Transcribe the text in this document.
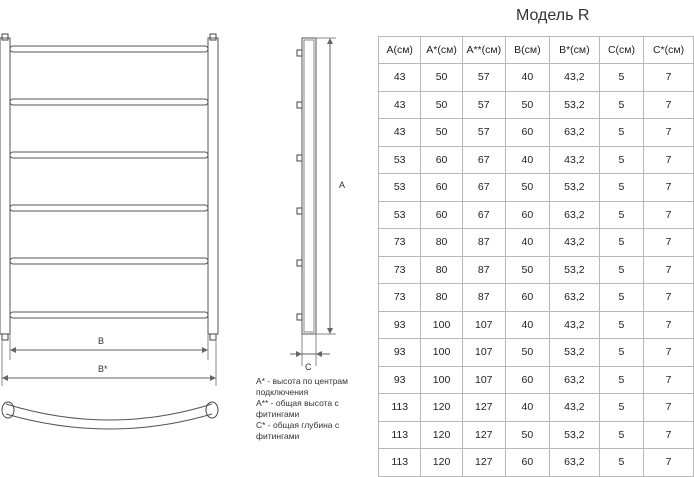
B
B*
A
C
A* - высота по центрам подключения
A** - общая высота с фитингами
C* - общая глубина с фитингами
Модель R
A(см)	A*(см)	A**(см)	B(см)	B*(см)	C(см)	C*(см)
43	50	57	40	43,2	5	7
43	50	57	50	53,2	5	7
43	50	57	60	63,2	5	7
53	60	67	40	43,2	5	7
53	60	67	50	53,2	5	7
53	60	67	60	63,2	5	7
73	80	87	40	43,2	5	7
73	80	87	50	53,2	5	7
73	80	87	60	63,2	5	7
93	100	107	40	43,2	5	7
93	100	107	50	53,2	5	7
93	100	107	60	63,2	5	7
113	120	127	40	43,2	5	7
113	120	127	50	53,2	5	7
113	120	127	60	63,2	5	7
